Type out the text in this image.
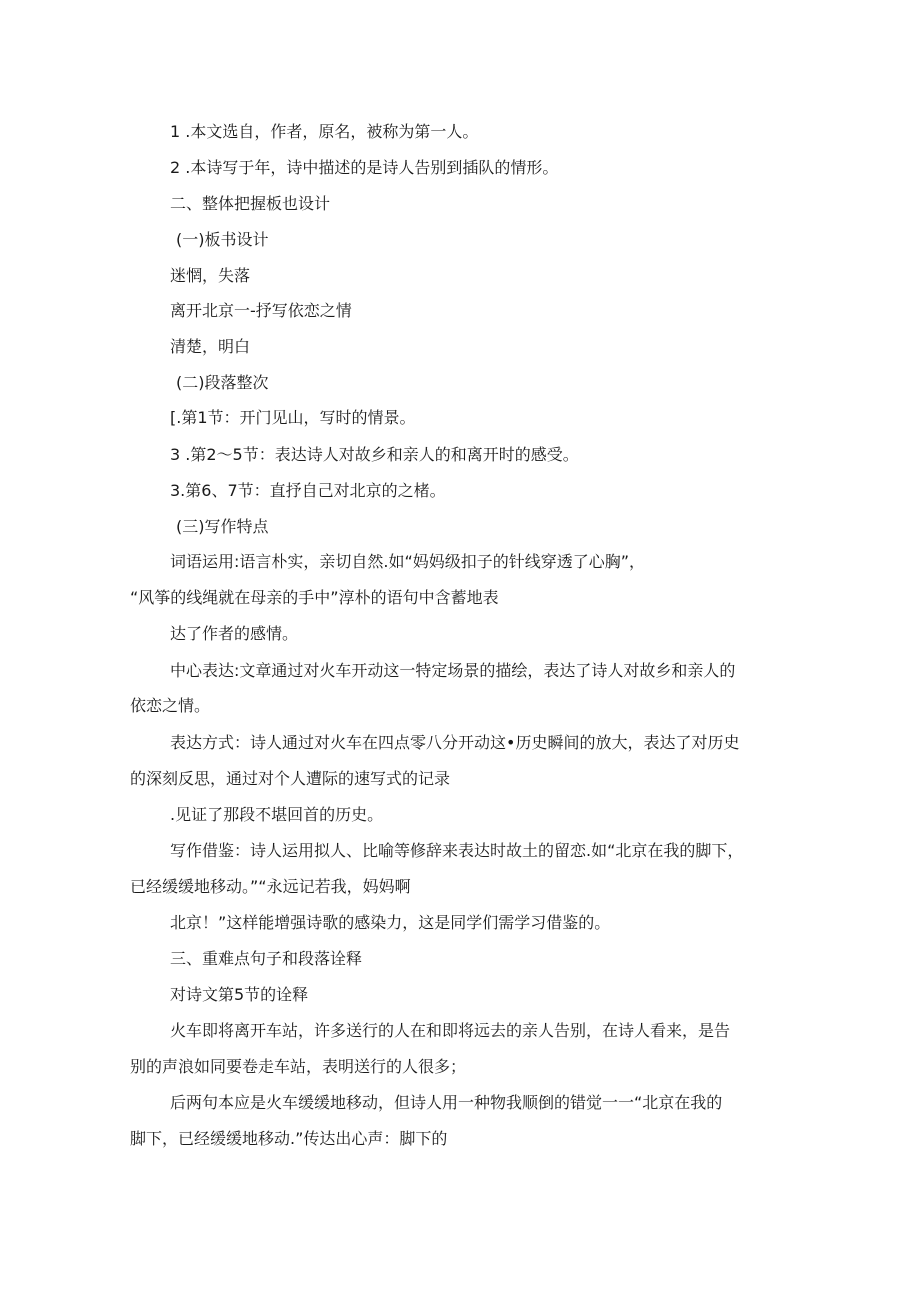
1 .本文选自，作者，原名，被称为第一人。

2 .本诗写于年，诗中描述的是诗人告别到插队的情形。

二、整体把握板也设计

(一)板书设计

迷惘，失落

离开北京一-抒写依恋之情

清楚，明白

(二)段落整次

[.第1节：开门见山，写时的情景。

3 .第2〜5节：表达诗人对故乡和亲人的和离开时的感受。

3.第6、7节：直抒自己对北京的之楮。

(三)写作特点

词语运用:语言朴实，亲切自然.如“妈妈级扣子的针线穿透了心胸”，

“风筝的线绳就在母亲的手中”淳朴的语句中含蓄地表

达了作者的感情。

中心表达:文章通过对火车开动这一特定场景的描绘，表达了诗人对故乡和亲人的

依恋之情。

表达方式：诗人通过对火车在四点零八分开动这•历史瞬间的放大，表达了对历史

的深刻反思，通过对个人遭际的速写式的记录

.见证了那段不堪回首的历史。

写作借鉴：诗人运用拟人、比喻等修辞来表达时故土的留恋.如“北京在我的脚下，

已经缓缓地移动。”“永远记若我，妈妈啊

北京！”这样能增强诗歌的感染力，这是同学们需学习借鉴的。

三、重难点句子和段落诠释

对诗文第5节的诠释

火车即将离开车站，许多送行的人在和即将远去的亲人告别，在诗人看来，是告

别的声浪如同要卷走车站，表明送行的人很多；

后两句本应是火车缓缓地移动，但诗人用一种物我顺倒的错觉一一“北京在我的

脚下，已经缓缓地移动.”传达出心声：脚下的
